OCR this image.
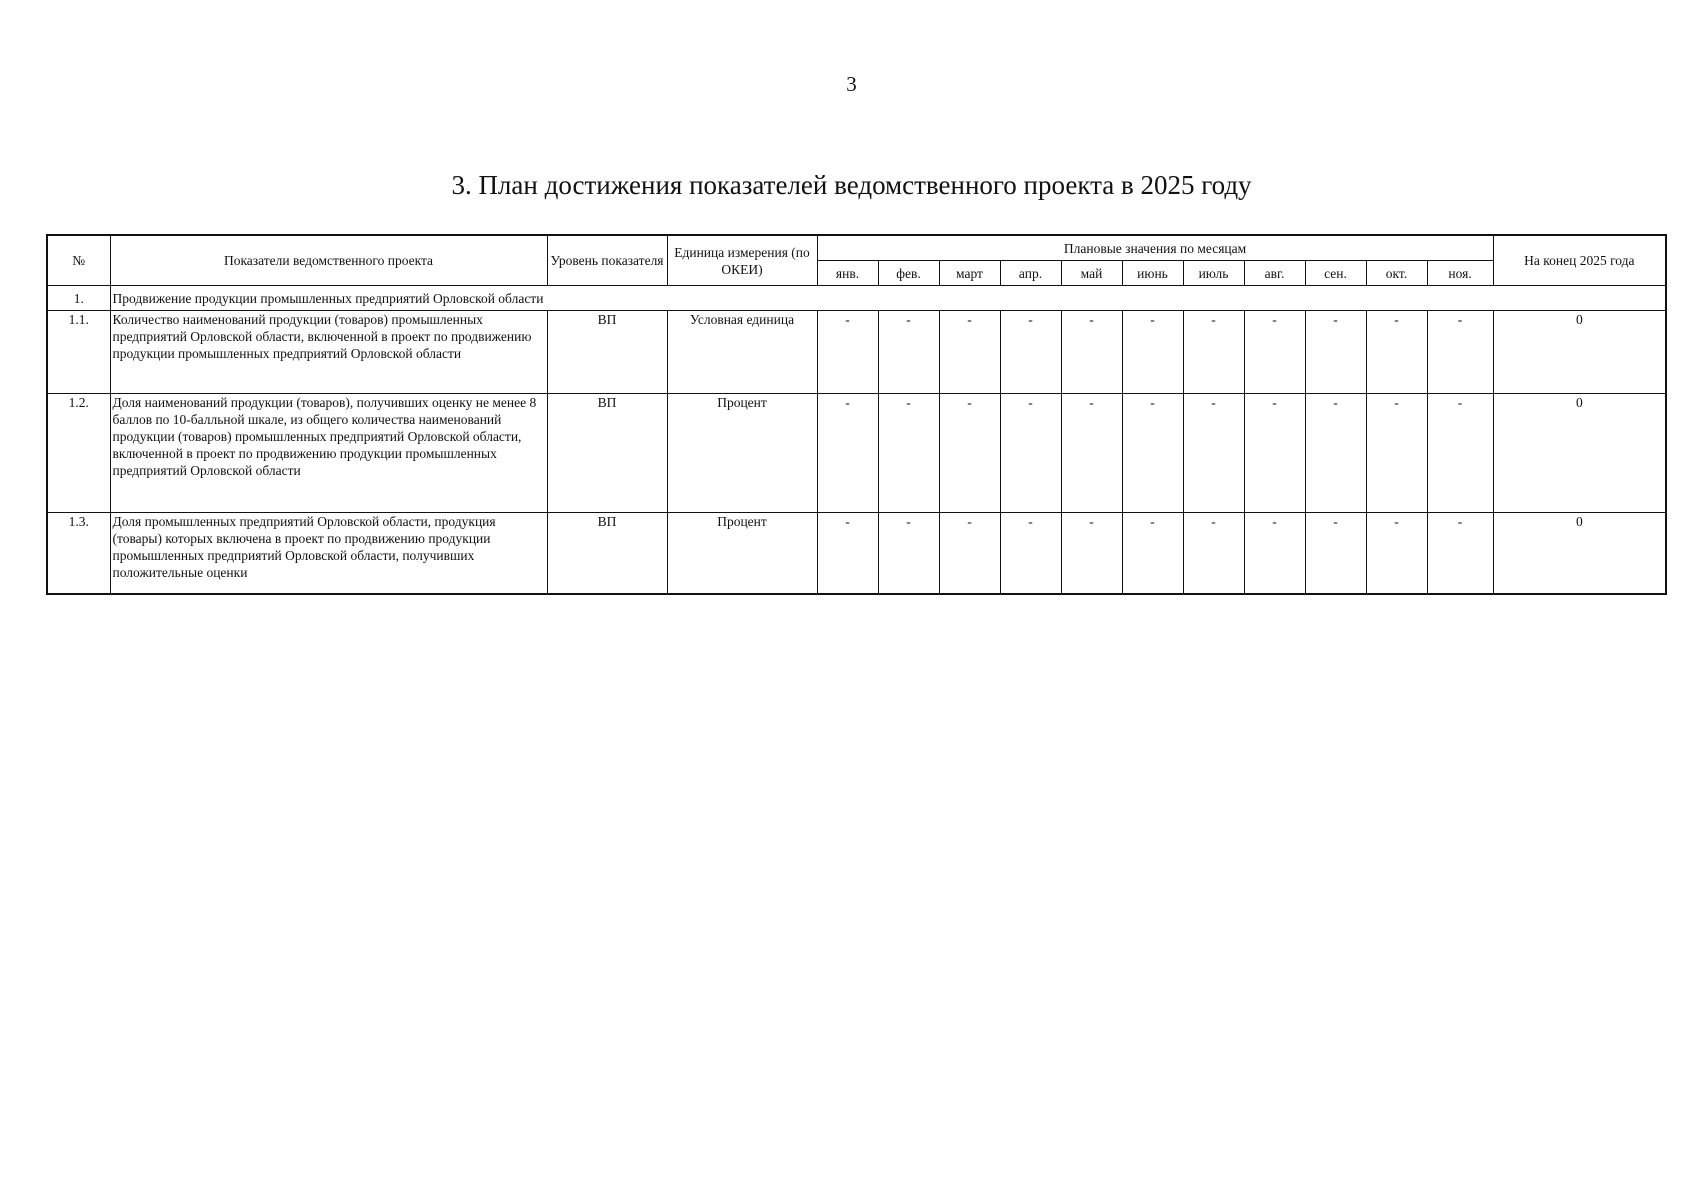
3
3. План достижения показателей ведомственного проекта в 2025 году
№	Показатели ведомственного проекта	Уровень показателя	Единица измерения (по ОКЕИ)	Плановые значения по месяцам											На конец 2025 года
				янв.	фев.	март	апр.	май	июнь	июль	авг.	сен.	окт.	ноя.	
1.	Продвижение продукции промышленных предприятий Орловской области														
1.1.	Количество наименований продукции (товаров) промышленных предприятий Орловской области, включенной в проект по продвижению продукции промышленных предприятий Орловской области	ВП	Условная единица	-	-	-	-	-	-	-	-	-	-	-	0
1.2.	Доля наименований продукции (товаров), получивших оценку не менее 8 баллов по 10-балльной шкале, из общего количества наименований продукции (товаров) промышленных предприятий Орловской области, включенной в проект по продвижению продукции промышленных предприятий Орловской области	ВП	Процент	-	-	-	-	-	-	-	-	-	-	-	0
1.3.	Доля промышленных предприятий Орловской области, продукция (товары) которых включена в проект по продвижению продукции промышленных предприятий Орловской области, получивших положительные оценки	ВП	Процент	-	-	-	-	-	-	-	-	-	-	-	0
